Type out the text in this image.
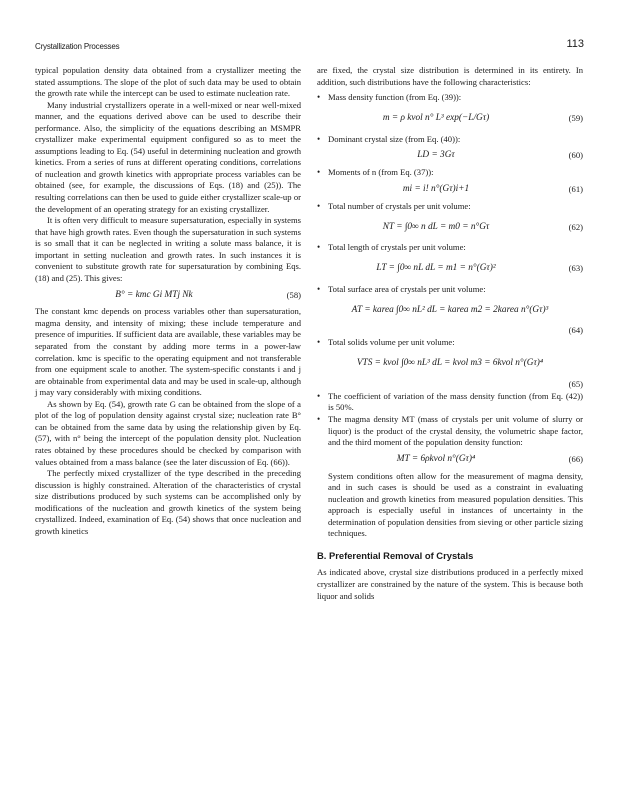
Crystallization Processes	113

typical population density data obtained from a crystallizer meeting the stated assumptions. The slope of the plot of such data may be used to obtain the growth rate while the intercept can be used to estimate nucleation rate.

Many industrial crystallizers operate in a well-mixed or near well-mixed manner, and the equations derived above can be used to describe their performance. Also, the simplicity of the equations describing an MSMPR crystallizer make experimental equipment configured so as to meet the assumptions leading to Eq. (54) useful in determining nucleation and growth kinetics. From a series of runs at different operating conditions, correlations of nucleation and growth kinetics with appropriate process variables can be obtained (see, for example, the discussions of Eqs. (18) and (25)). The resulting correlations can then be used to guide either crystallizer scale-up or the development of an operating strategy for an existing crystallizer.

It is often very difficult to measure supersaturation, especially in systems that have high growth rates. Even though the supersaturation in such systems is so small that it can be neglected in writing a solute mass balance, it is important in setting nucleation and growth rates. In such instances it is convenient to substitute growth rate for supersaturation by combining Eqs. (18) and (25). This gives:

B° = kmc Gi MTj Nk	(58)

The constant kmc depends on process variables other than supersaturation, magma density, and intensity of mixing; these include temperature and presence of impurities. If sufficient data are available, these variables may be separated from the constant by adding more terms in a power-law correlation. kmc is specific to the operating equipment and not transferable from one equipment scale to another. The system-specific constants i and j are obtainable from experimental data and may be used in scale-up, although j may vary considerably with mixing conditions.

As shown by Eq. (54), growth rate G can be obtained from the slope of a plot of the log of population density against crystal size; nucleation rate B° can be obtained from the same data by using the relationship given by Eq. (57), with n° being the intercept of the population density plot. Nucleation rates obtained by these procedures should be checked by comparison with values obtained from a mass balance (see the later discussion of Eq. (66)).

The perfectly mixed crystallizer of the type described in the preceding discussion is highly constrained. Alteration of the characteristics of crystal size distributions produced by such systems can be accomplished only by modifications of the nucleation and growth kinetics of the system being crystallized. Indeed, examination of Eq. (54) shows that once nucleation and growth kinetics

are fixed, the crystal size distribution is determined in its entirety. In addition, such distributions have the following characteristics:

• Mass density function (from Eq. (39)):

m = ρ kvol n° L³ exp(−L/Gτ)	(59)

• Dominant crystal size (from Eq. (40)):

LD = 3Gτ	(60)

• Moments of n (from Eq. (37)):

mi = i! n°(Gτ)i+1	(61)

• Total number of crystals per unit volume:

NT = ∫0∞ n dL = m0 = n°Gτ	(62)

• Total length of crystals per unit volume:

LT = ∫0∞ nL dL = m1 = n°(Gτ)²	(63)

• Total surface area of crystals per unit volume:

AT = karea ∫0∞ nL² dL = karea m2 = 2karea n°(Gτ)³
(64)

• Total solids volume per unit volume:

VTS = kvol ∫0∞ nL³ dL = kvol m3 = 6kvol n°(Gτ)⁴
(65)

• The coefficient of variation of the mass density function (from Eq. (42)) is 50%.

• The magma density MT (mass of crystals per unit volume of slurry or liquor) is the product of the crystal density, the volumetric shape factor, and the third moment of the population density function:

MT = 6ρkvol n°(Gτ)⁴	(66)

System conditions often allow for the measurement of magma density, and in such cases is should be used as a constraint in evaluating nucleation and growth kinetics from measured population densities. This approach is especially useful in instances of uncertainty in the determination of population densities from sieving or other particle sizing techniques.

B. Preferential Removal of Crystals

As indicated above, crystal size distributions produced in a perfectly mixed crystallizer are constrained by the nature of the system. This is because both liquor and solids
